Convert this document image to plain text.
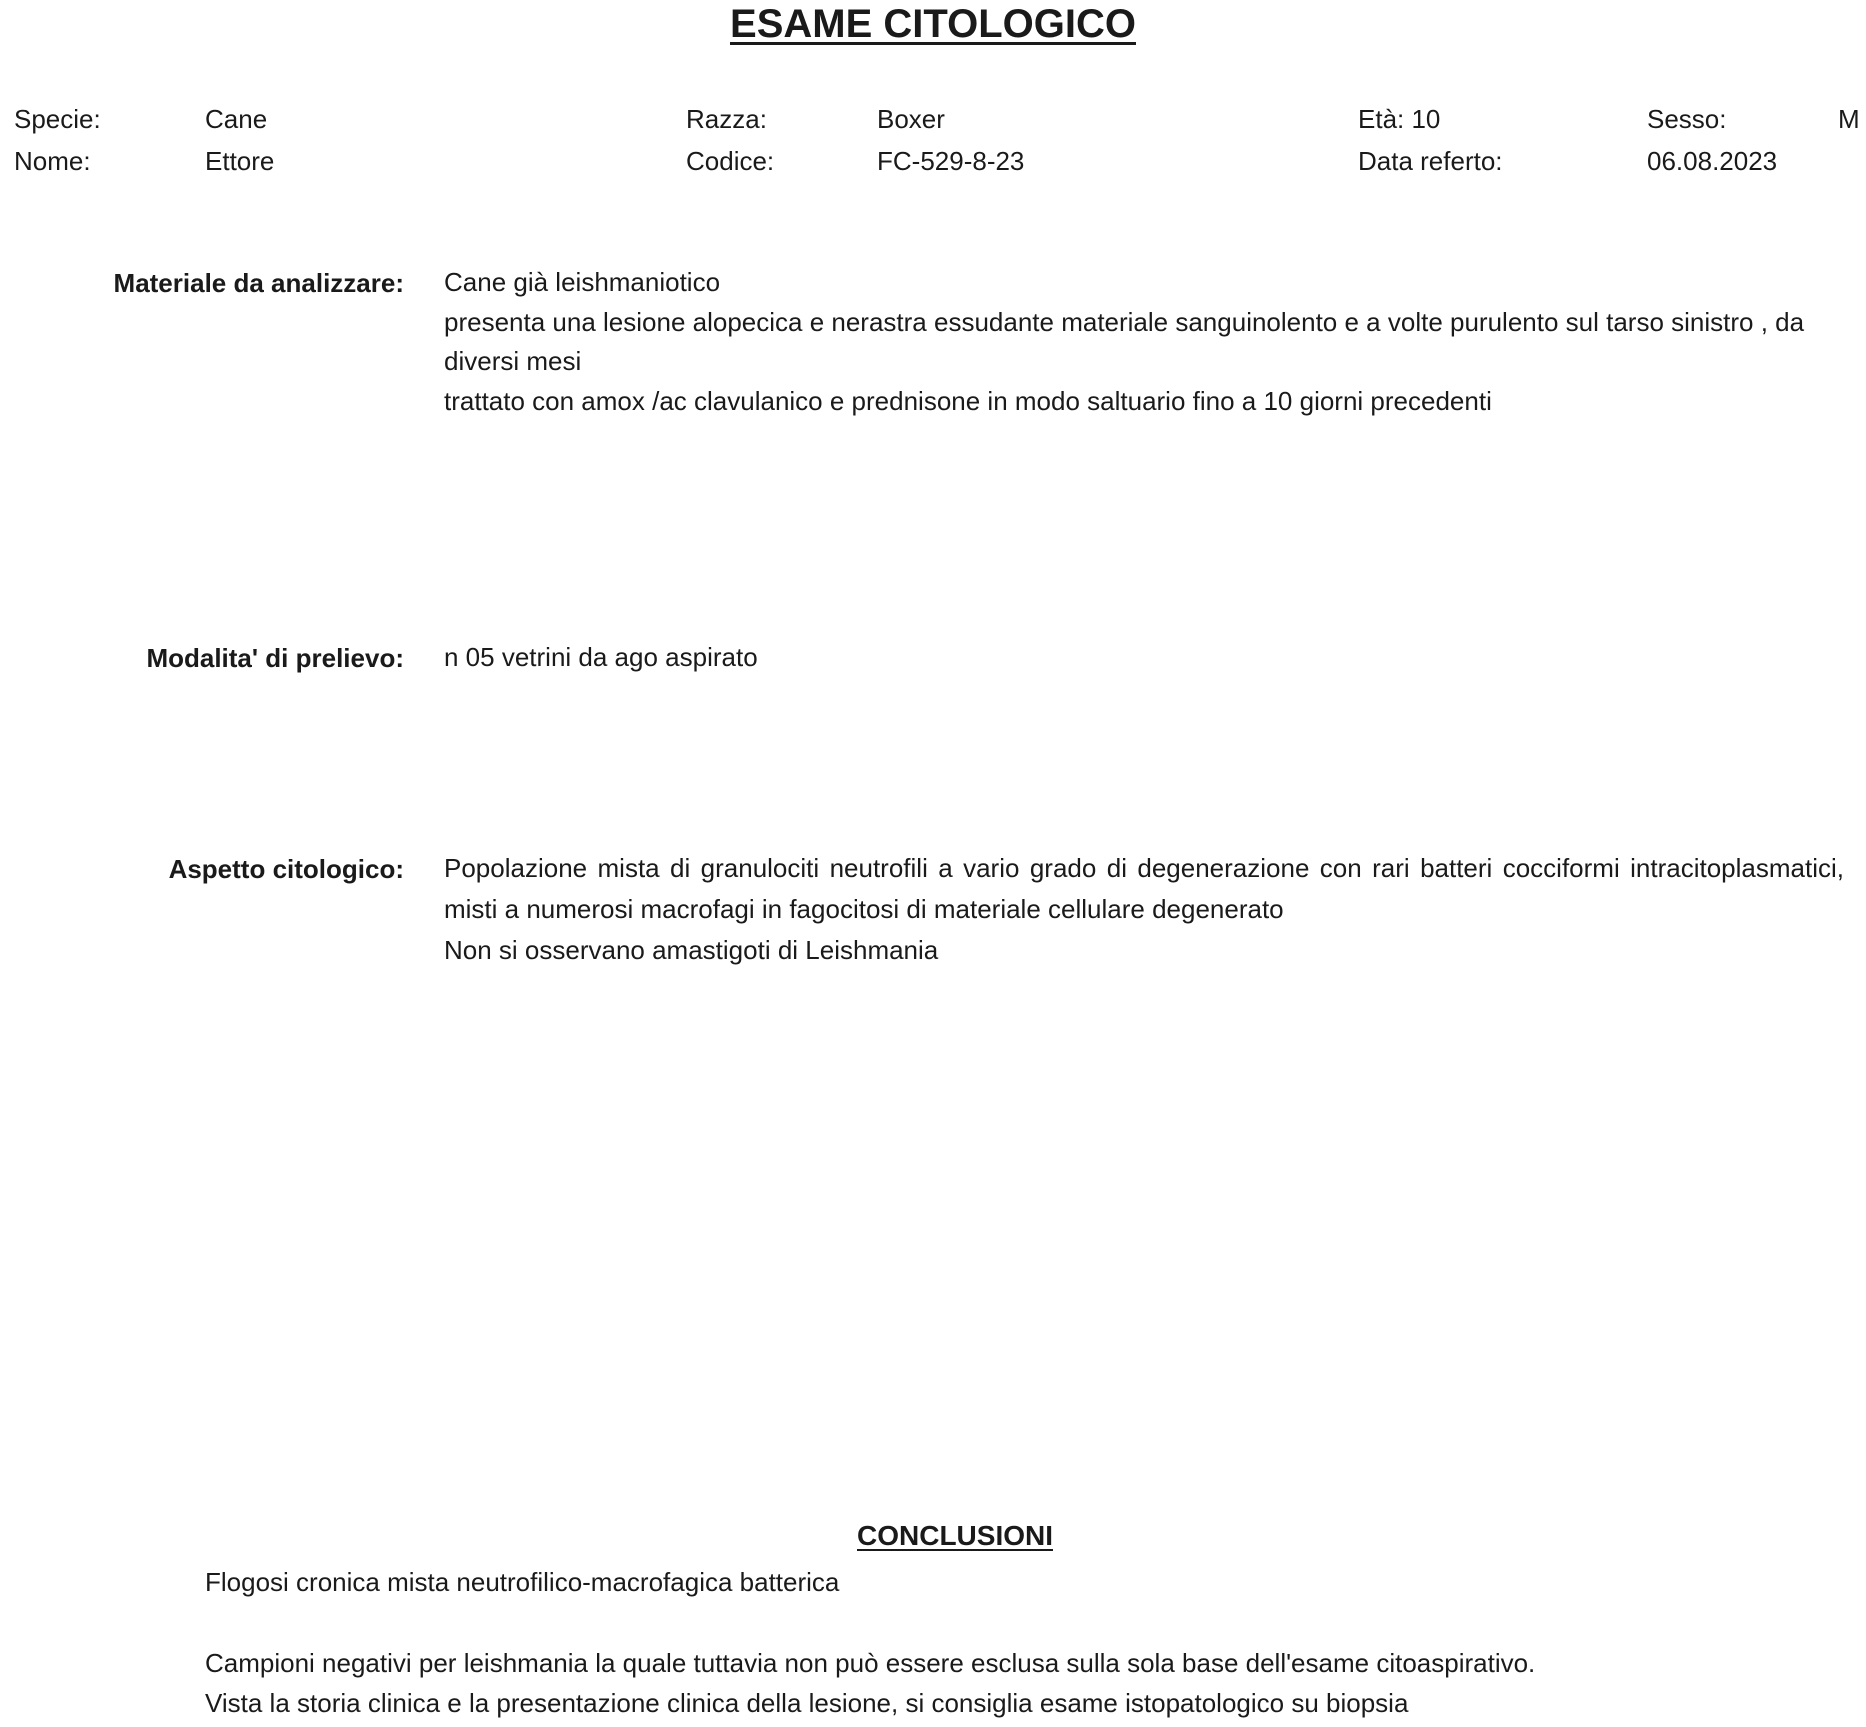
ESAME CITOLOGICO
Specie:	Cane	Razza:	Boxer	Età: 10	Sesso:	M
Nome:	Ettore	Codice:	FC-529-8-23	Data referto:	06.08.2023
Materiale da analizzare: Cane già leishmaniotico
presenta una lesione alopecica e nerastra essudante materiale sanguinolento e a volte purulento sul tarso sinistro , da diversi mesi
trattato con amox /ac clavulanico e prednisone in modo saltuario fino a 10 giorni precedenti
Modalita' di prelievo: n 05 vetrini da ago aspirato
Aspetto citologico: Popolazione mista di granulociti neutrofili a vario grado di degenerazione con rari batteri cocciformi intracitoplasmatici, misti a numerosi macrofagi in fagocitosi di materiale cellulare degenerato
Non si osservano amastigoti di Leishmania
CONCLUSIONI
Flogosi cronica mista neutrofilico-macrofagica batterica
Campioni negativi per leishmania la quale tuttavia non può essere esclusa sulla sola base dell'esame citoaspirativo.
Vista la storia clinica e la presentazione clinica della lesione, si consiglia esame istopatologico su biopsia
